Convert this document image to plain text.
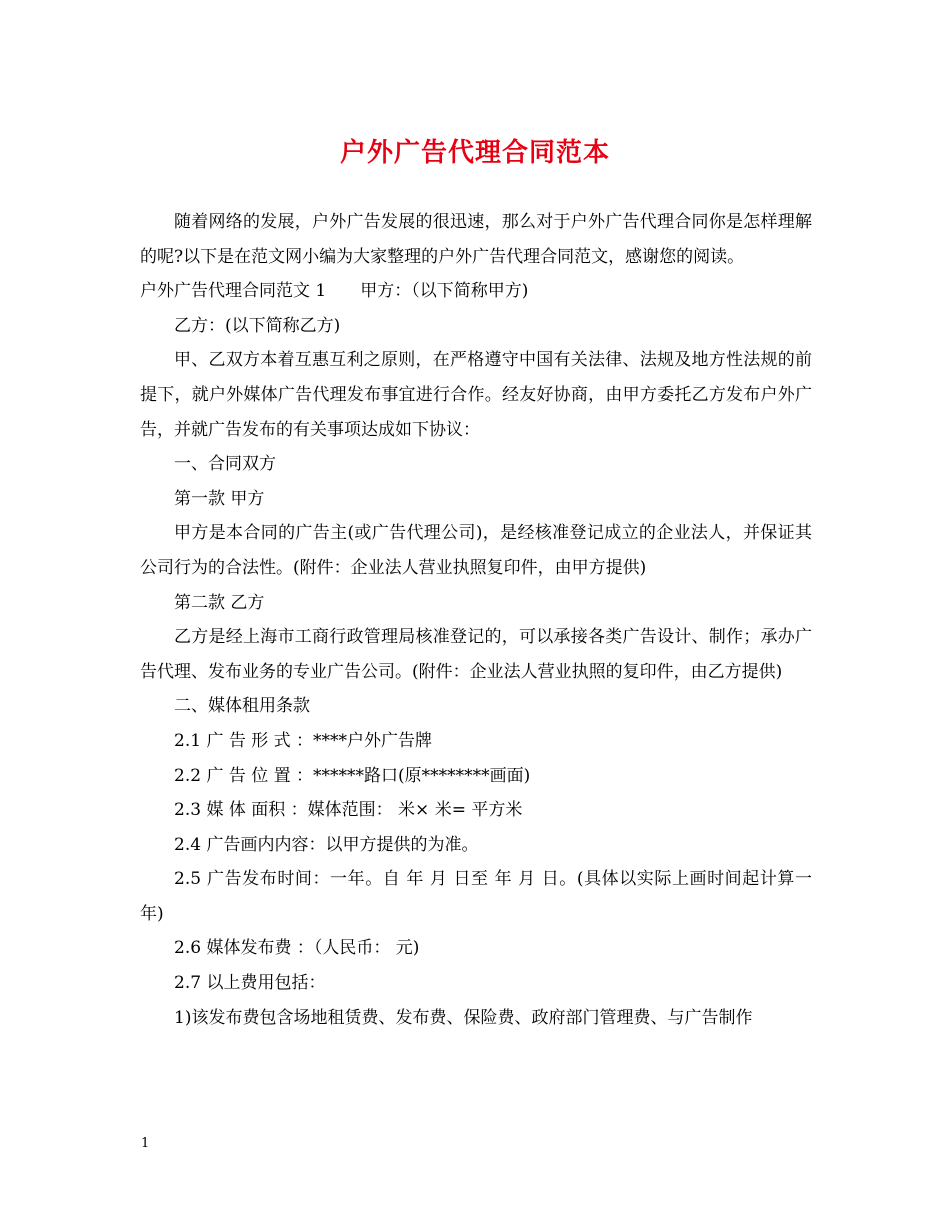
户外广告代理合同范本

随着网络的发展，户外广告发展的很迅速，那么对于户外广告代理合同你是怎样理解的呢?以下是在范文网小编为大家整理的户外广告代理合同范文，感谢您的阅读。

户外广告代理合同范文 1　　甲方：（以下简称甲方)

乙方：(以下简称乙方)

甲、乙双方本着互惠互利之原则，在严格遵守中国有关法律、法规及地方性法规的前提下，就户外媒体广告代理发布事宜进行合作。经友好协商，由甲方委托乙方发布户外广告，并就广告发布的有关事项达成如下协议：

一、合同双方

第一款 甲方

甲方是本合同的广告主(或广告代理公司)，是经核准登记成立的企业法人，并保证其公司行为的合法性。(附件：企业法人营业执照复印件，由甲方提供)

第二款 乙方

乙方是经上海市工商行政管理局核准登记的，可以承接各类广告设计、制作；承办广告代理、发布业务的专业广告公司。(附件：企业法人营业执照的复印件，由乙方提供)

二、媒体租用条款

2.1 广 告 形 式 ：****户外广告牌

2.2 广 告 位 置 ：******路口(原********画面)

2.3 媒 体 面积 ：媒体范围： 米× 米= 平方米

2.4 广告画内内容：以甲方提供的为准。

2.5 广告发布时间：一年。自 年 月 日至 年 月 日。(具体以实际上画时间起计算一年)

2.6 媒体发布费 ：（人民币： 元)

2.7 以上费用包括：

1)该发布费包含场地租赁费、发布费、保险费、政府部门管理费、与广告制作

1
